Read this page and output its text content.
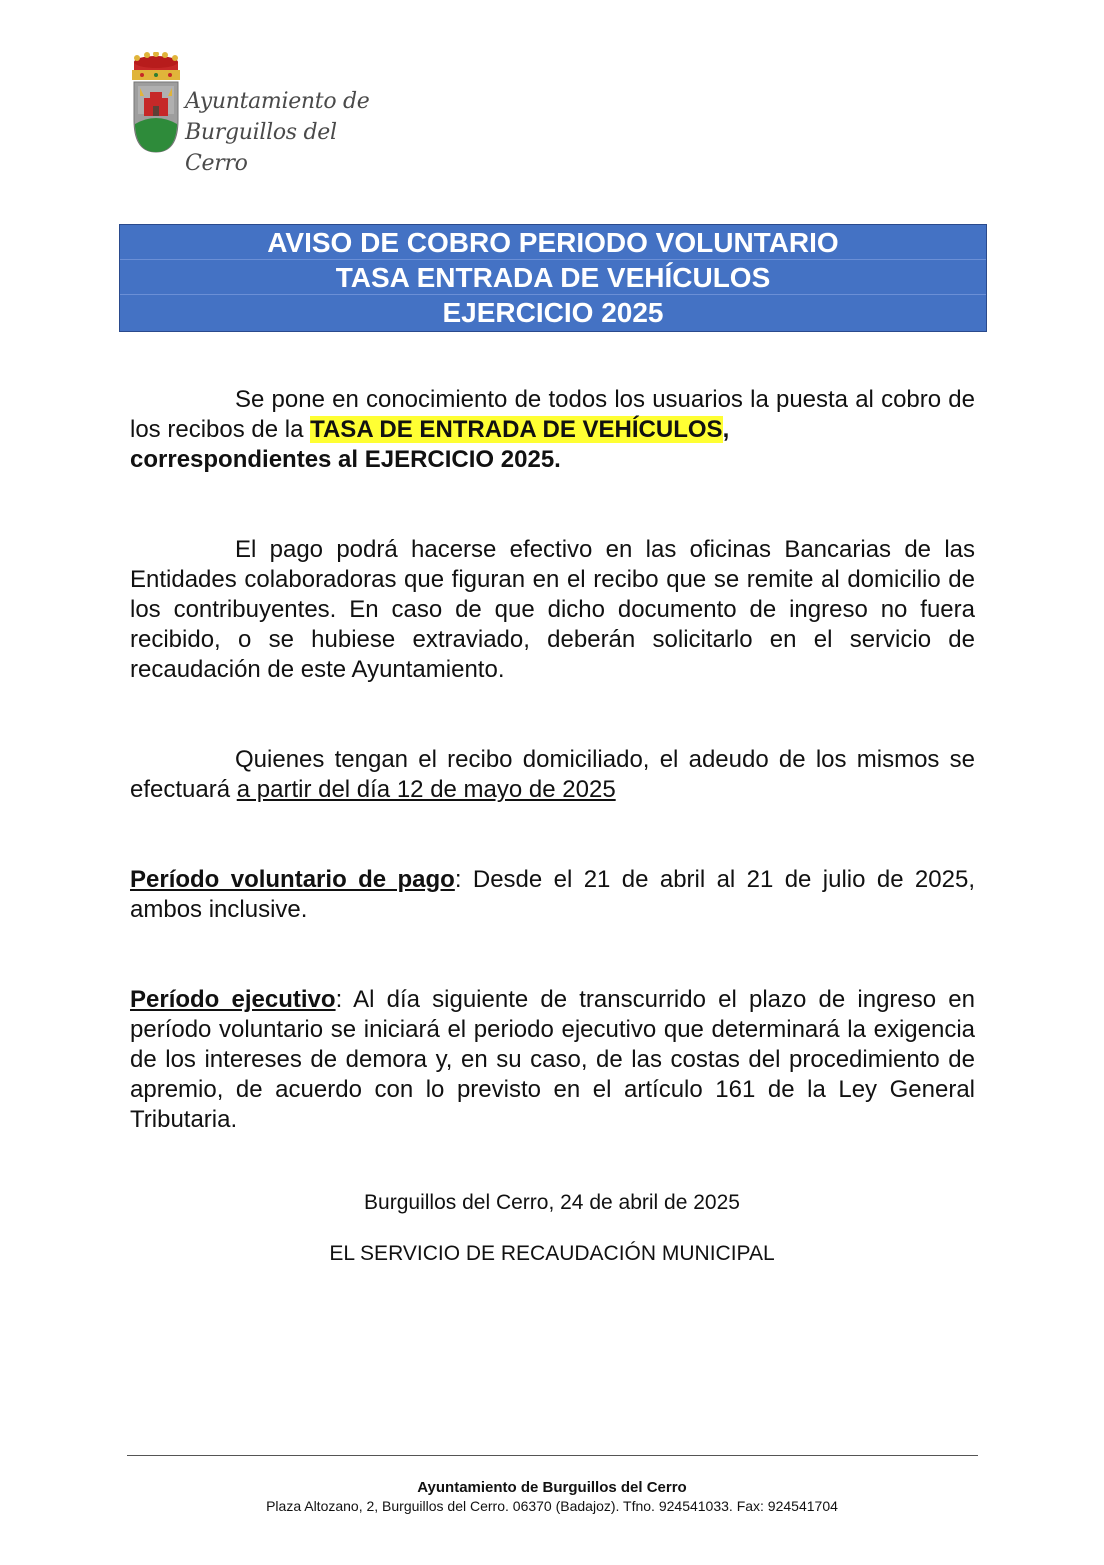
Ayuntamiento de
Burguillos del Cerro
AVISO DE COBRO PERIODO VOLUNTARIO
TASA ENTRADA DE VEHÍCULOS
EJERCICIO 2025
Se pone en conocimiento de todos los usuarios la puesta al cobro de los recibos de la TASA DE ENTRADA DE VEHÍCULOS,
correspondientes al EJERCICIO 2025.
El pago podrá hacerse efectivo en las oficinas Bancarias de las Entidades colaboradoras que figuran en el recibo que se remite al domicilio de los contribuyentes. En caso de que dicho documento de ingreso no fuera recibido, o se hubiese extraviado, deberán solicitarlo en el servicio de recaudación de este Ayuntamiento.
Quienes tengan el recibo domiciliado, el adeudo de los mismos se efectuará a partir del día 12 de mayo de 2025
Período voluntario de pago: Desde el 21 de abril al 21 de julio de 2025, ambos inclusive.
Período ejecutivo: Al día siguiente de transcurrido el plazo de ingreso en período voluntario se iniciará el periodo ejecutivo que determinará la exigencia de los intereses de demora y, en su caso, de las costas del procedimiento de apremio, de acuerdo con lo previsto en el artículo 161 de la Ley General Tributaria.
Burguillos del Cerro, 24 de abril de 2025
EL SERVICIO DE RECAUDACIÓN MUNICIPAL
Ayuntamiento de Burguillos del Cerro
Plaza Altozano, 2, Burguillos del Cerro. 06370 (Badajoz). Tfno. 924541033. Fax: 924541704
